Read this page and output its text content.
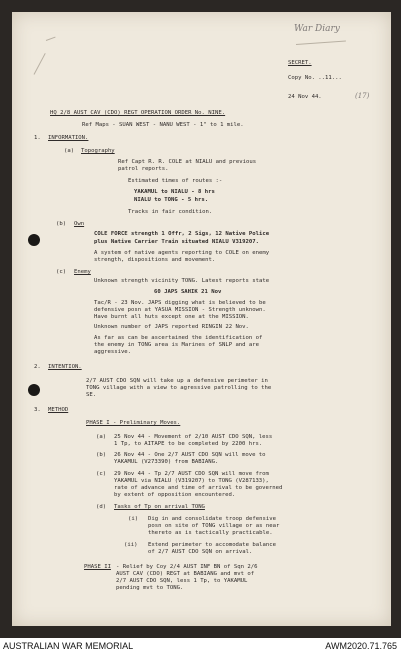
War Diary
SECRET.
Copy No. ..11...
24 Nov 44.	(17)
HQ 2/8 AUST CAV (CDO) REGT OPERATION ORDER No. NINE.
Ref Maps - SUAN WEST - NANU WEST - 1" to 1 mile.
1. INFORMATION.
(a) Topography
Ref Capt R. R. COLE at NIALU and previous
patrol reports.
Estimated times of routes :-
YAKAMUL to NIALU - 8 hrs
NIALU to TONG - 5 hrs.
Tracks in fair condition.
(b) Own
COLE FORCE strength 1 Offr, 2 Sigs, 12 Native Police
plus Native Carrier Train situated NIALU V319207.
A system of native agents reporting to COLE on enemy
strength, dispositions and movement.
(c) Enemy
Unknown strength vicinity TONG. Latest reports state
60 JAPS SAHIK 21 Nov
Tac/R - 23 Nov. JAPS digging what is believed to be
defensive posn at YASUA MISSION - Strength unknown.
Have burnt all huts except one at the MISSION.
Unknown number of JAPS reported RINGIN 22 Nov.
As far as can be ascertained the identification of
the enemy in TONG area is Marines of SNLP and are
aggressive.
2. INTENTION.
2/7 AUST CDO SQN will take up a defensive perimeter in
TONG village with a view to agressive patrolling to the
SE.
3. METHOD
PHASE I - Preliminary Moves.
(a) 25 Nov 44 - Movement of 2/10 AUST CDO SQN, less
1 Tp, to AITAPE to be completed by 2200 hrs.
(b) 26 Nov 44 - One 2/7 AUST CDO SQN will move to
YAKAMUL (V273390) from BABIANG.
(c) 29 Nov 44 - Tp 2/7 AUST CDO SQN will move from
YAKAMUL via NIALU (V319207) to TONG (V287133),
rate of advance and time of arrival to be governed
by extent of opposition encountered.
(d) Tasks of Tp on arrival TONG
(i) Dig in and consolidate troop defensive
posn on site of TONG village or as near
thereto as is tactically practicable.
(ii) Extend perimeter to accomodate balance
of 2/7 AUST CDO SQN on arrival.
PHASE II - Relief by Coy 2/4 AUST INF BN of Sqn 2/6
AUST CAV (CDO) REGT at BABIANG and mvt of
2/7 AUST CDO SQN, less 1 Tp, to YAKAMUL
pending mvt to TONG.
AUSTRALIAN WAR MEMORIAL	AWM2020.71.765
